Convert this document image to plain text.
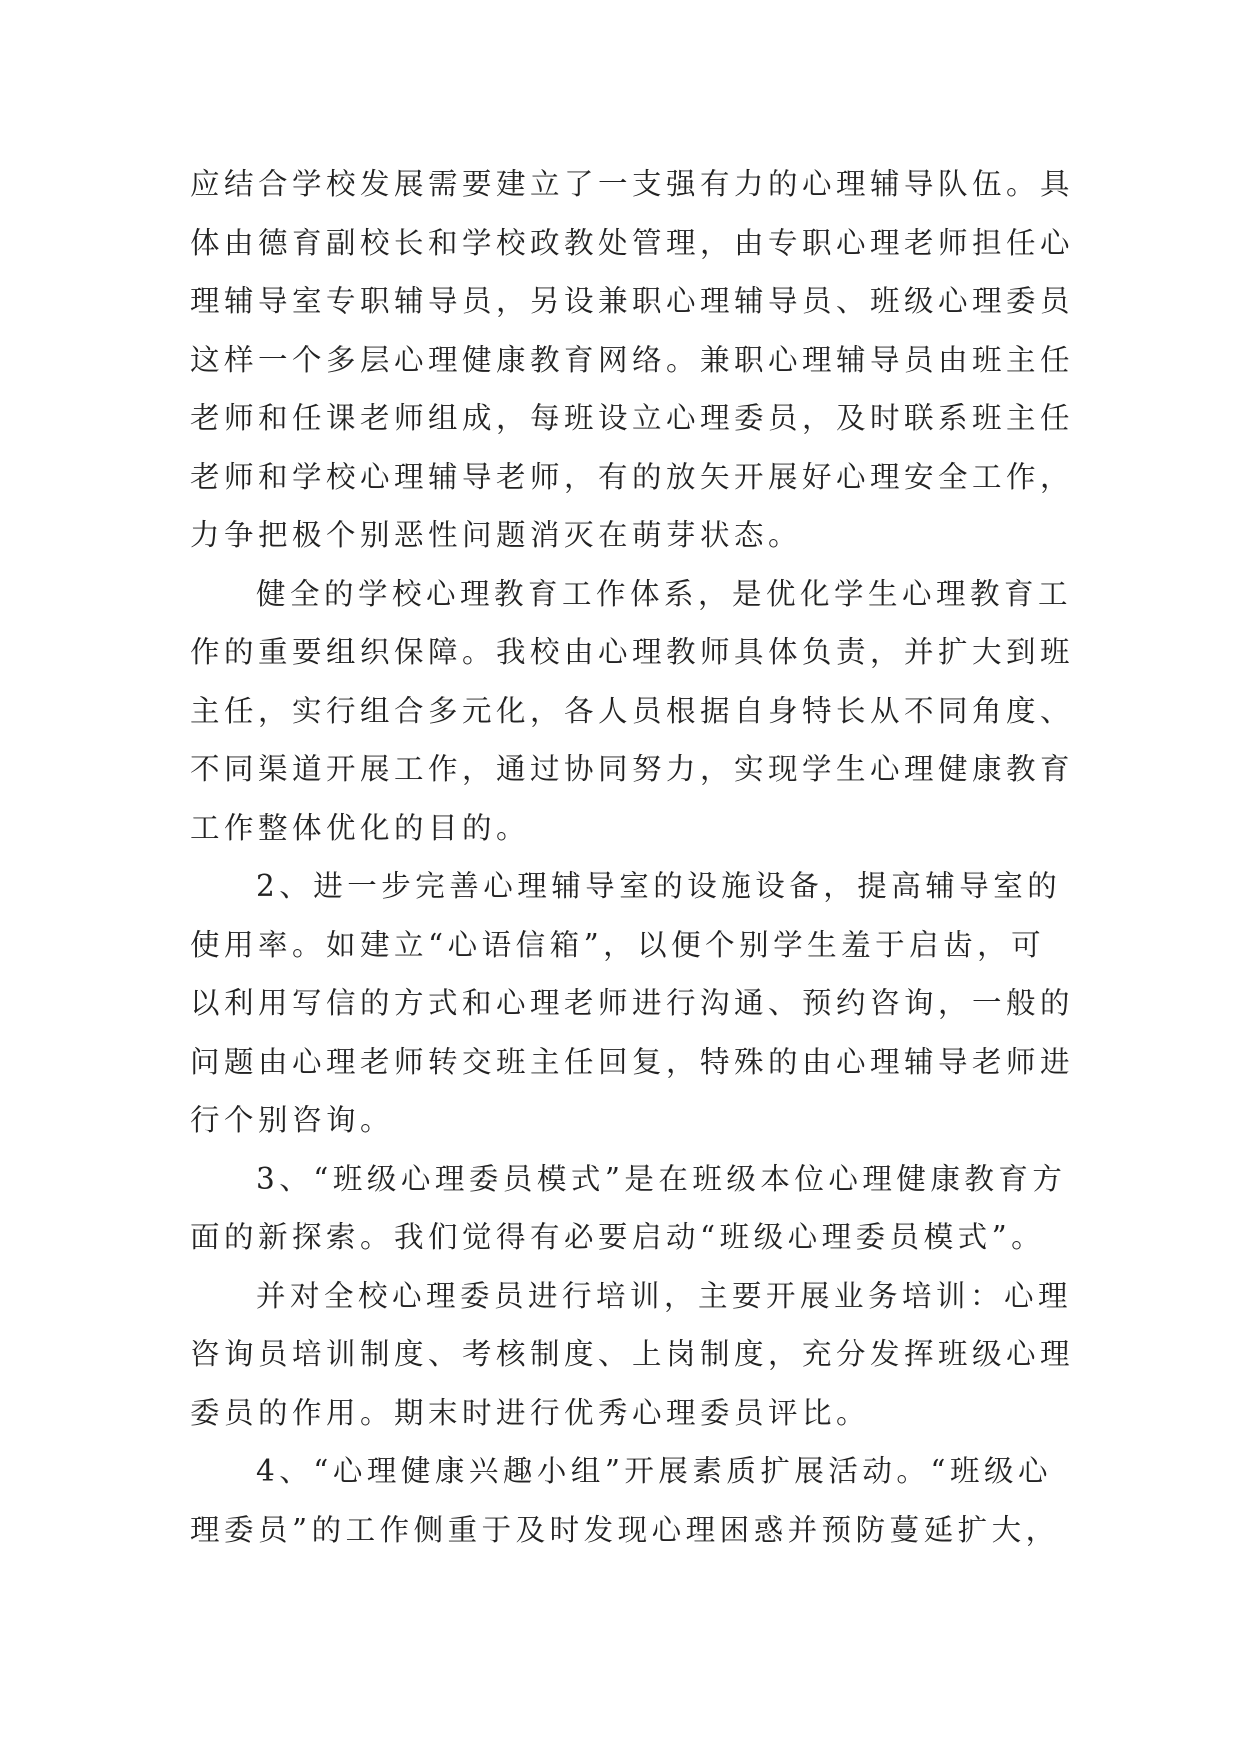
应结合学校发展需要建立了一支强有力的心理辅导队伍。具
体由德育副校长和学校政教处管理，由专职心理老师担任心
理辅导室专职辅导员，另设兼职心理辅导员、班级心理委员
这样一个多层心理健康教育网络。兼职心理辅导员由班主任
老师和任课老师组成，每班设立心理委员，及时联系班主任
老师和学校心理辅导老师，有的放矢开展好心理安全工作，
力争把极个别恶性问题消灭在萌芽状态。
健全的学校心理教育工作体系，是优化学生心理教育工
作的重要组织保障。我校由心理教师具体负责，并扩大到班
主任，实行组合多元化，各人员根据自身特长从不同角度、
不同渠道开展工作，通过协同努力，实现学生心理健康教育
工作整体优化的目的。
2、进一步完善心理辅导室的设施设备，提高辅导室的
使用率。如建立“心语信箱”，以便个别学生羞于启齿，可
以利用写信的方式和心理老师进行沟通、预约咨询，一般的
问题由心理老师转交班主任回复，特殊的由心理辅导老师进
行个别咨询。
3、“班级心理委员模式”是在班级本位心理健康教育方
面的新探索。我们觉得有必要启动“班级心理委员模式”。
并对全校心理委员进行培训，主要开展业务培训：心理
咨询员培训制度、考核制度、上岗制度，充分发挥班级心理
委员的作用。期末时进行优秀心理委员评比。
4、“心理健康兴趣小组”开展素质扩展活动。“班级心
理委员”的工作侧重于及时发现心理困惑并预防蔓延扩大，
